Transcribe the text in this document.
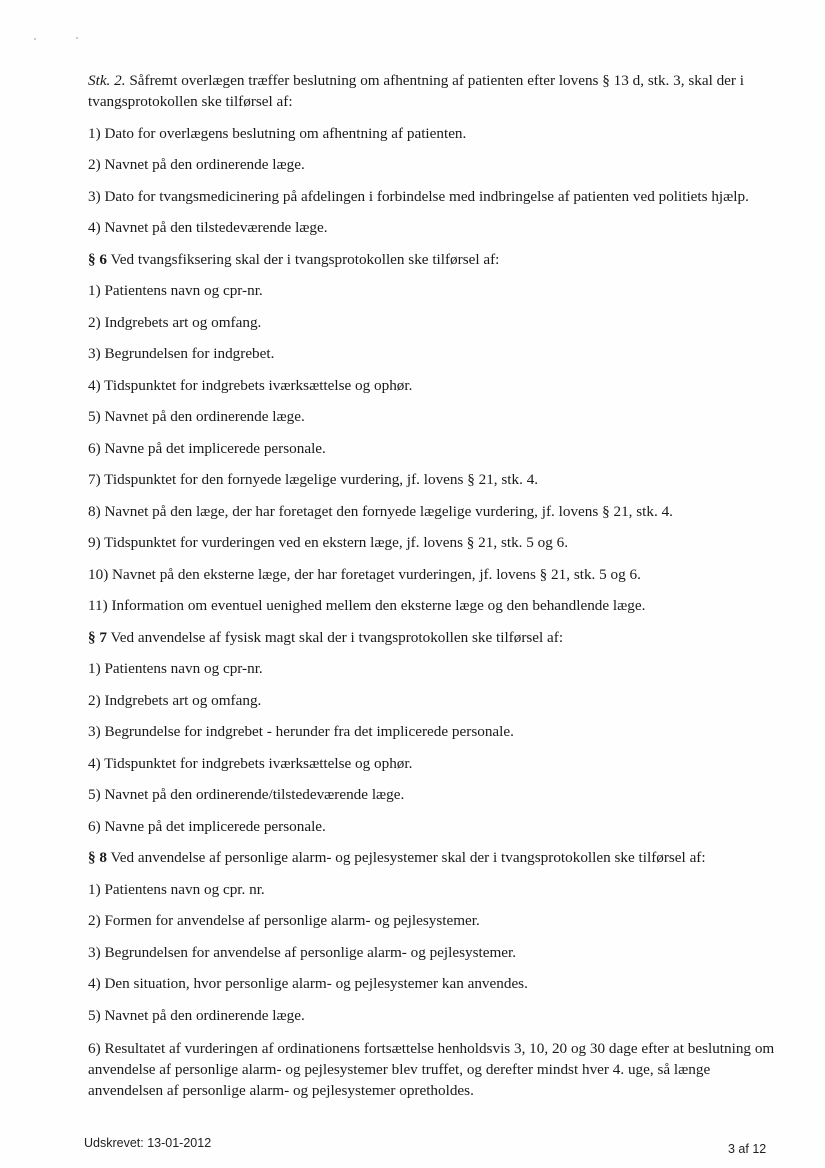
Stk. 2. Såfremt overlægen træffer beslutning om afhentning af patienten efter lovens § 13 d, stk. 3, skal der i tvangsprotokollen ske tilførsel af:

1) Dato for overlægens beslutning om afhentning af patienten.

2) Navnet på den ordinerende læge.

3) Dato for tvangsmedicinering på afdelingen i forbindelse med indbringelse af patienten ved politiets hjælp.

4) Navnet på den tilstedeværende læge.

§ 6 Ved tvangsfiksering skal der i tvangsprotokollen ske tilførsel af:

1) Patientens navn og cpr-nr.

2) Indgrebets art og omfang.

3) Begrundelsen for indgrebet.

4) Tidspunktet for indgrebets iværksættelse og ophør.

5) Navnet på den ordinerende læge.

6) Navne på det implicerede personale.

7) Tidspunktet for den fornyede lægelige vurdering, jf. lovens § 21, stk. 4.

8) Navnet på den læge, der har foretaget den fornyede lægelige vurdering, jf. lovens § 21, stk. 4.

9) Tidspunktet for vurderingen ved en ekstern læge, jf. lovens § 21, stk. 5 og 6.

10) Navnet på den eksterne læge, der har foretaget vurderingen, jf. lovens § 21, stk. 5 og 6.

11) Information om eventuel uenighed mellem den eksterne læge og den behandlende læge.

§ 7 Ved anvendelse af fysisk magt skal der i tvangsprotokollen ske tilførsel af:

1) Patientens navn og cpr-nr.

2) Indgrebets art og omfang.

3) Begrundelse for indgrebet - herunder fra det implicerede personale.

4) Tidspunktet for indgrebets iværksættelse og ophør.

5) Navnet på den ordinerende/tilstedeværende læge.

6) Navne på det implicerede personale.

§ 8 Ved anvendelse af personlige alarm- og pejlesystemer skal der i tvangsprotokollen ske tilførsel af:

1) Patientens navn og cpr. nr.

2) Formen for anvendelse af personlige alarm- og pejlesystemer.

3) Begrundelsen for anvendelse af personlige alarm- og pejlesystemer.

4) Den situation, hvor personlige alarm- og pejlesystemer kan anvendes.

5) Navnet på den ordinerende læge.

6) Resultatet af vurderingen af ordinationens fortsættelse henholdsvis 3, 10, 20 og 30 dage efter at beslutning om anvendelse af personlige alarm- og pejlesystemer blev truffet, og derefter mindst hver 4. uge, så længe anvendelsen af personlige alarm- og pejlesystemer opretholdes.

Udskrevet: 13-01-2012	3 af 12
